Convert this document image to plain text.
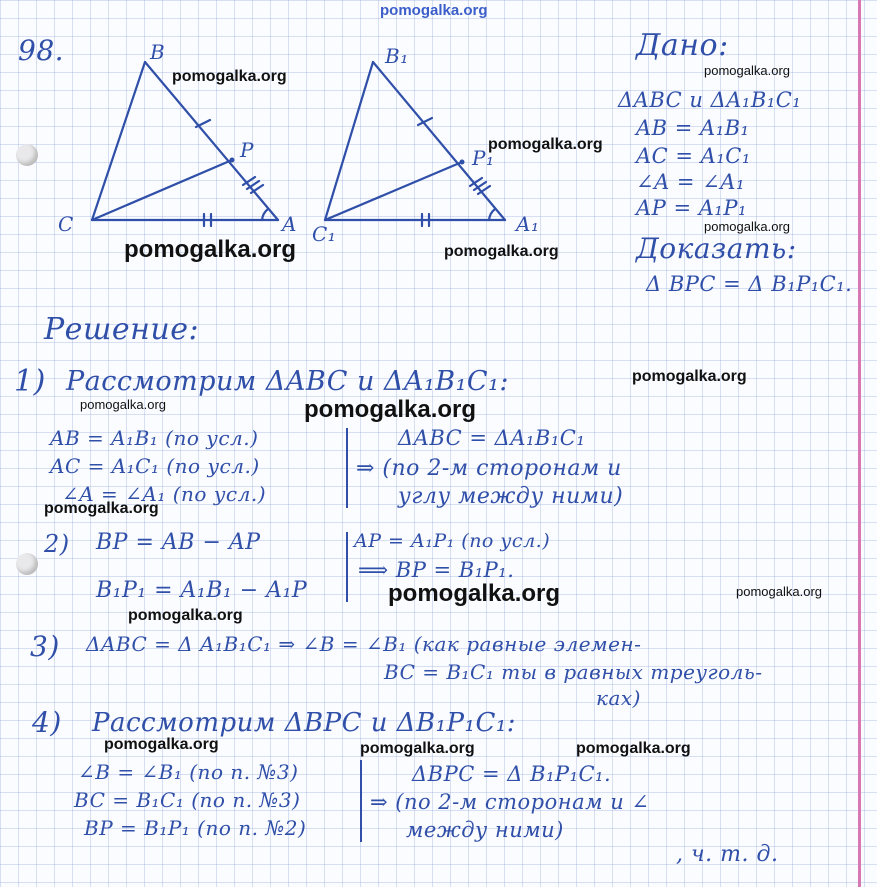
pomogalka.org
98.	B
P
C	A
B₁
P₁
C₁	A₁
Дано:
ΔABC и ΔA₁B₁C₁
AB = A₁B₁
AC = A₁C₁
∠A = ∠A₁
AP = A₁P₁
Доказать:
Δ BPC = Δ B₁P₁C₁.
Решение:
1) Рассмотрим ΔABC и ΔA₁B₁C₁:
AB = A₁B₁ (по усл.)
AC = A₁C₁ (по усл.)
∠A = ∠A₁ (по усл.)
ΔABC = ΔA₁B₁C₁
⇒ (по 2-м сторонам и
углу между ними)
2) BP = AB − AP
B₁P₁ = A₁B₁ − A₁P
AP = A₁P₁ (по усл.)
⟹ BP = B₁P₁.
3) ΔABC = Δ A₁B₁C₁ ⇒ ∠B = ∠B₁ (как равные элемен-
BC = B₁C₁ ты в равных треуголь-
ках)
4) Рассмотрим ΔBPC и ΔB₁P₁C₁:
∠B = ∠B₁ (по п. №3)
BC = B₁C₁ (по п. №3)
BP = B₁P₁ (по п. №2)
ΔBPC = Δ B₁P₁C₁.
⇒ (по 2-м сторонам и ∠
между ними)
, ч. т. д.
pomogalka.org	pomogalka.org
pomogalka.org
pomogalka.org
pomogalka.org	pomogalka.org
pomogalka.org
pomogalka.org	pomogalka.org
pomogalka.org
pomogalka.org	pomogalka.org
pomogalka.org
pomogalka.org	pomogalka.org	pomogalka.org
